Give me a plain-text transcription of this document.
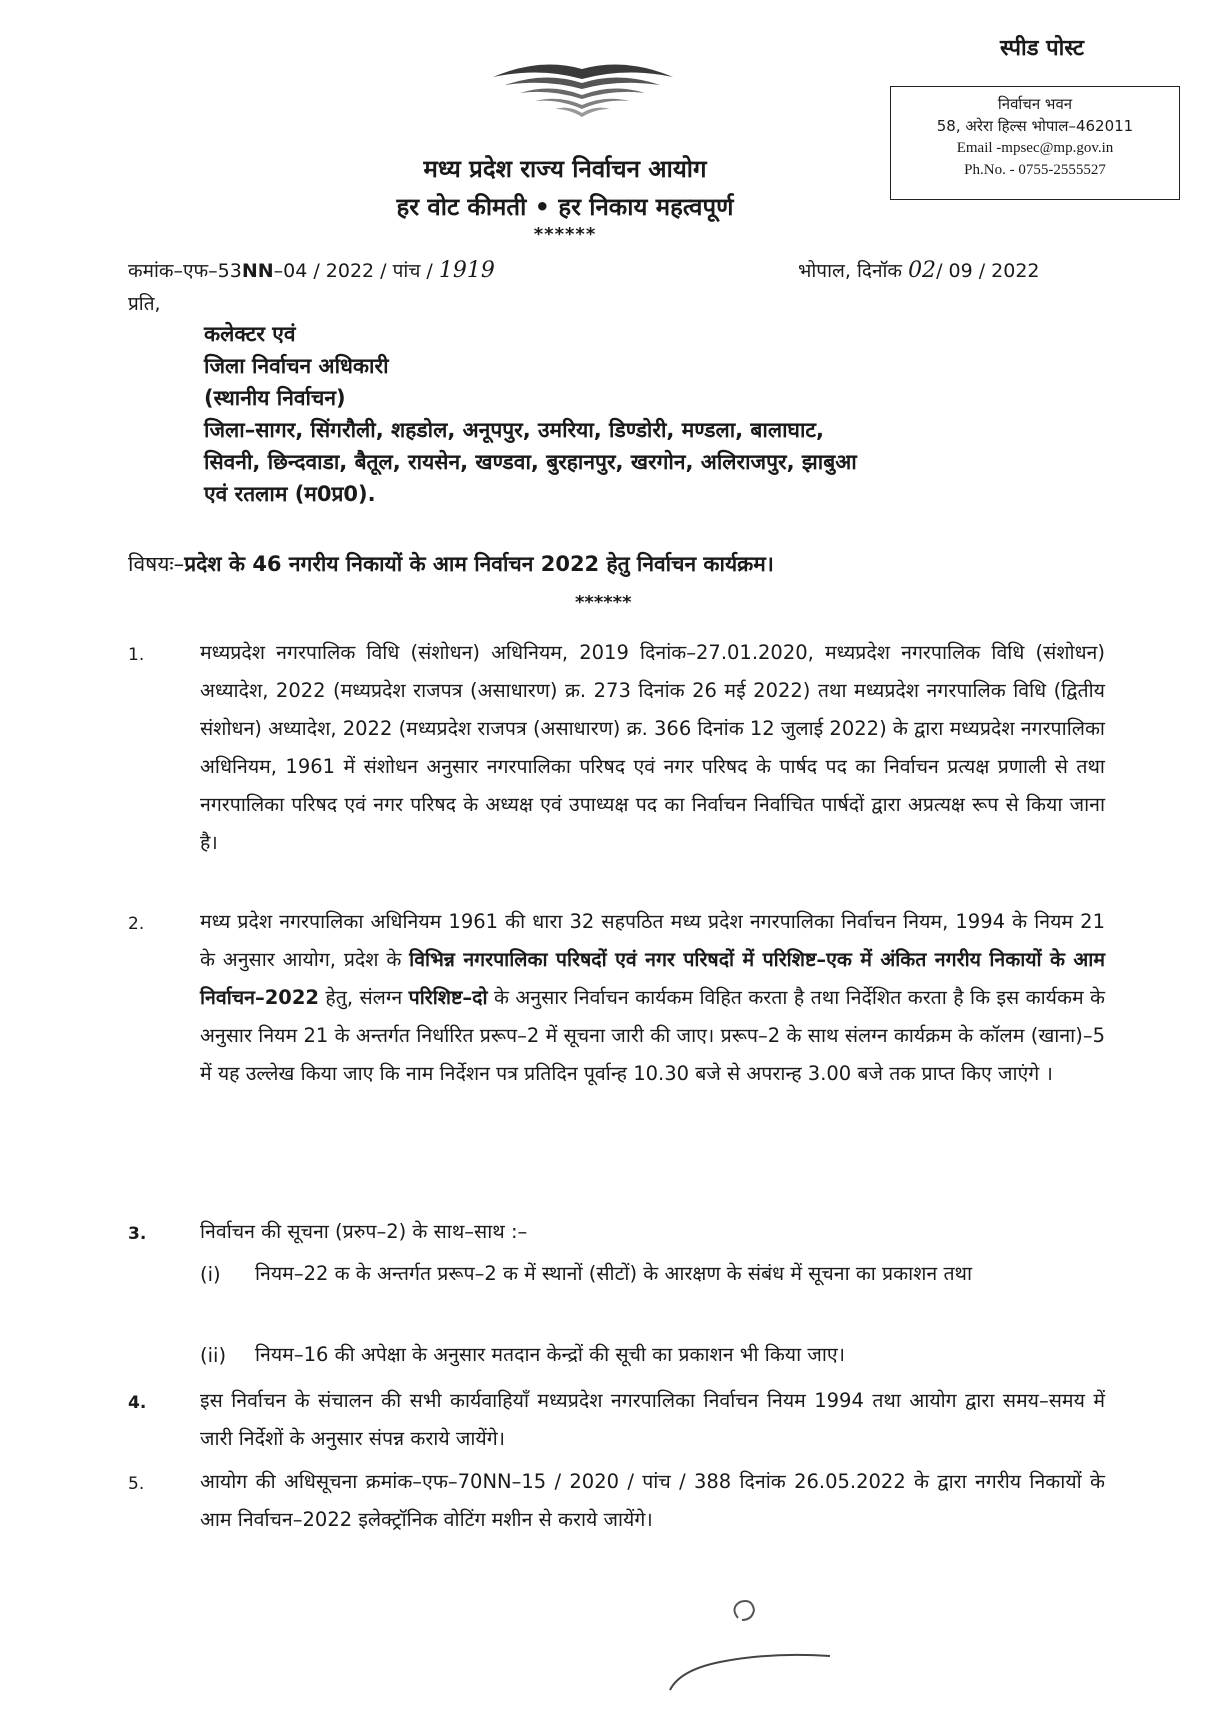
स्पीड पोस्ट
निर्वाचन भवन
58, अरेरा हिल्स भोपाल–462011
Email -mpsec@mp.gov.in
Ph.No. - 0755-2555527
मध्य प्रदेश राज्य निर्वाचन आयोग
हर वोट कीमती • हर निकाय महत्वपूर्ण
******
कमांक–एफ–53NN–04 / 2022 / पांच / 1919	भोपाल, दिनॉक 02/ 09 / 2022
प्रति,
कलेक्टर एवं
जिला निर्वाचन अधिकारी
(स्थानीय निर्वाचन)
जिला–सागर, सिंगरौली, शहडोल, अनूपपुर, उमरिया, डिण्डोरी, मण्डला, बालाघाट,
सिवनी, छिन्दवाडा, बैतूल, रायसेन, खण्डवा, बुरहानपुर, खरगोन, अलिराजपुर, झाबुआ
एवं रतलाम (म0प्र0).
विषयः–प्रदेश के 46 नगरीय निकायों के आम निर्वाचन 2022 हेतु निर्वाचन कार्यक्रम।
******
1.	मध्यप्रदेश नगरपालिक विधि (संशोधन) अधिनियम, 2019 दिनांक–27.01.2020, मध्यप्रदेश नगरपालिक विधि (संशोधन) अध्यादेश, 2022 (मध्यप्रदेश राजपत्र (असाधारण) क्र. 273 दिनांक 26 मई 2022) तथा मध्यप्रदेश नगरपालिक विधि (द्वितीय संशोधन) अध्यादेश, 2022 (मध्यप्रदेश राजपत्र (असाधारण) क्र. 366 दिनांक 12 जुलाई 2022) के द्वारा मध्यप्रदेश नगरपालिका अधिनियम, 1961 में संशोधन अनुसार नगरपालिका परिषद एवं नगर परिषद के पार्षद पद का निर्वाचन प्रत्यक्ष प्रणाली से तथा नगरपालिका परिषद एवं नगर परिषद के अध्यक्ष एवं उपाध्यक्ष पद का निर्वाचन निर्वाचित पार्षदों द्वारा अप्रत्यक्ष रूप से किया जाना है।
2.	मध्य प्रदेश नगरपालिका अधिनियम 1961 की धारा 32 सहपठित मध्य प्रदेश नगरपालिका निर्वाचन नियम, 1994 के नियम 21 के अनुसार आयोग, प्रदेश के विभिन्न नगरपालिका परिषदों एवं नगर परिषदों में परिशिष्ट–एक में अंकित नगरीय निकायों के आम निर्वाचन–2022 हेतु, संलग्न परिशिष्ट–दो के अनुसार निर्वाचन कार्यकम विहित करता है तथा निर्देशित करता है कि इस कार्यकम के अनुसार नियम 21 के अन्तर्गत निर्धारित प्ररूप–2 में सूचना जारी की जाए। प्ररूप–2 के साथ संलग्न कार्यक्रम के कॉलम (खाना)–5 में यह उल्लेख किया जाए कि नाम निर्देशन पत्र प्रतिदिन पूर्वान्ह 10.30 बजे से अपरान्ह 3.00 बजे तक प्राप्त किए जाएंगे ।
3.	निर्वाचन की सूचना (प्ररुप–2) के साथ–साथ :–
(i) नियम–22 क के अन्तर्गत प्ररूप–2 क में स्थानों (सीटों) के आरक्षण के संबंध में सूचना का प्रकाशन तथा
(ii) नियम–16 की अपेक्षा के अनुसार मतदान केन्द्रों की सूची का प्रकाशन भी किया जाए।
4.	इस निर्वाचन के संचालन की सभी कार्यवाहियॉं मध्यप्रदेश नगरपालिका निर्वाचन नियम 1994 तथा आयोग द्वारा समय–समय में जारी निर्देशों के अनुसार संपन्न कराये जायेंगे।
5.	आयोग की अधिसूचना क्रमांक–एफ–70NN–15 / 2020 / पांच / 388 दिनांक 26.05.2022 के द्वारा नगरीय निकायों के आम निर्वाचन–2022 इलेक्ट्रॉनिक वोटिंग मशीन से कराये जायेंगे।
